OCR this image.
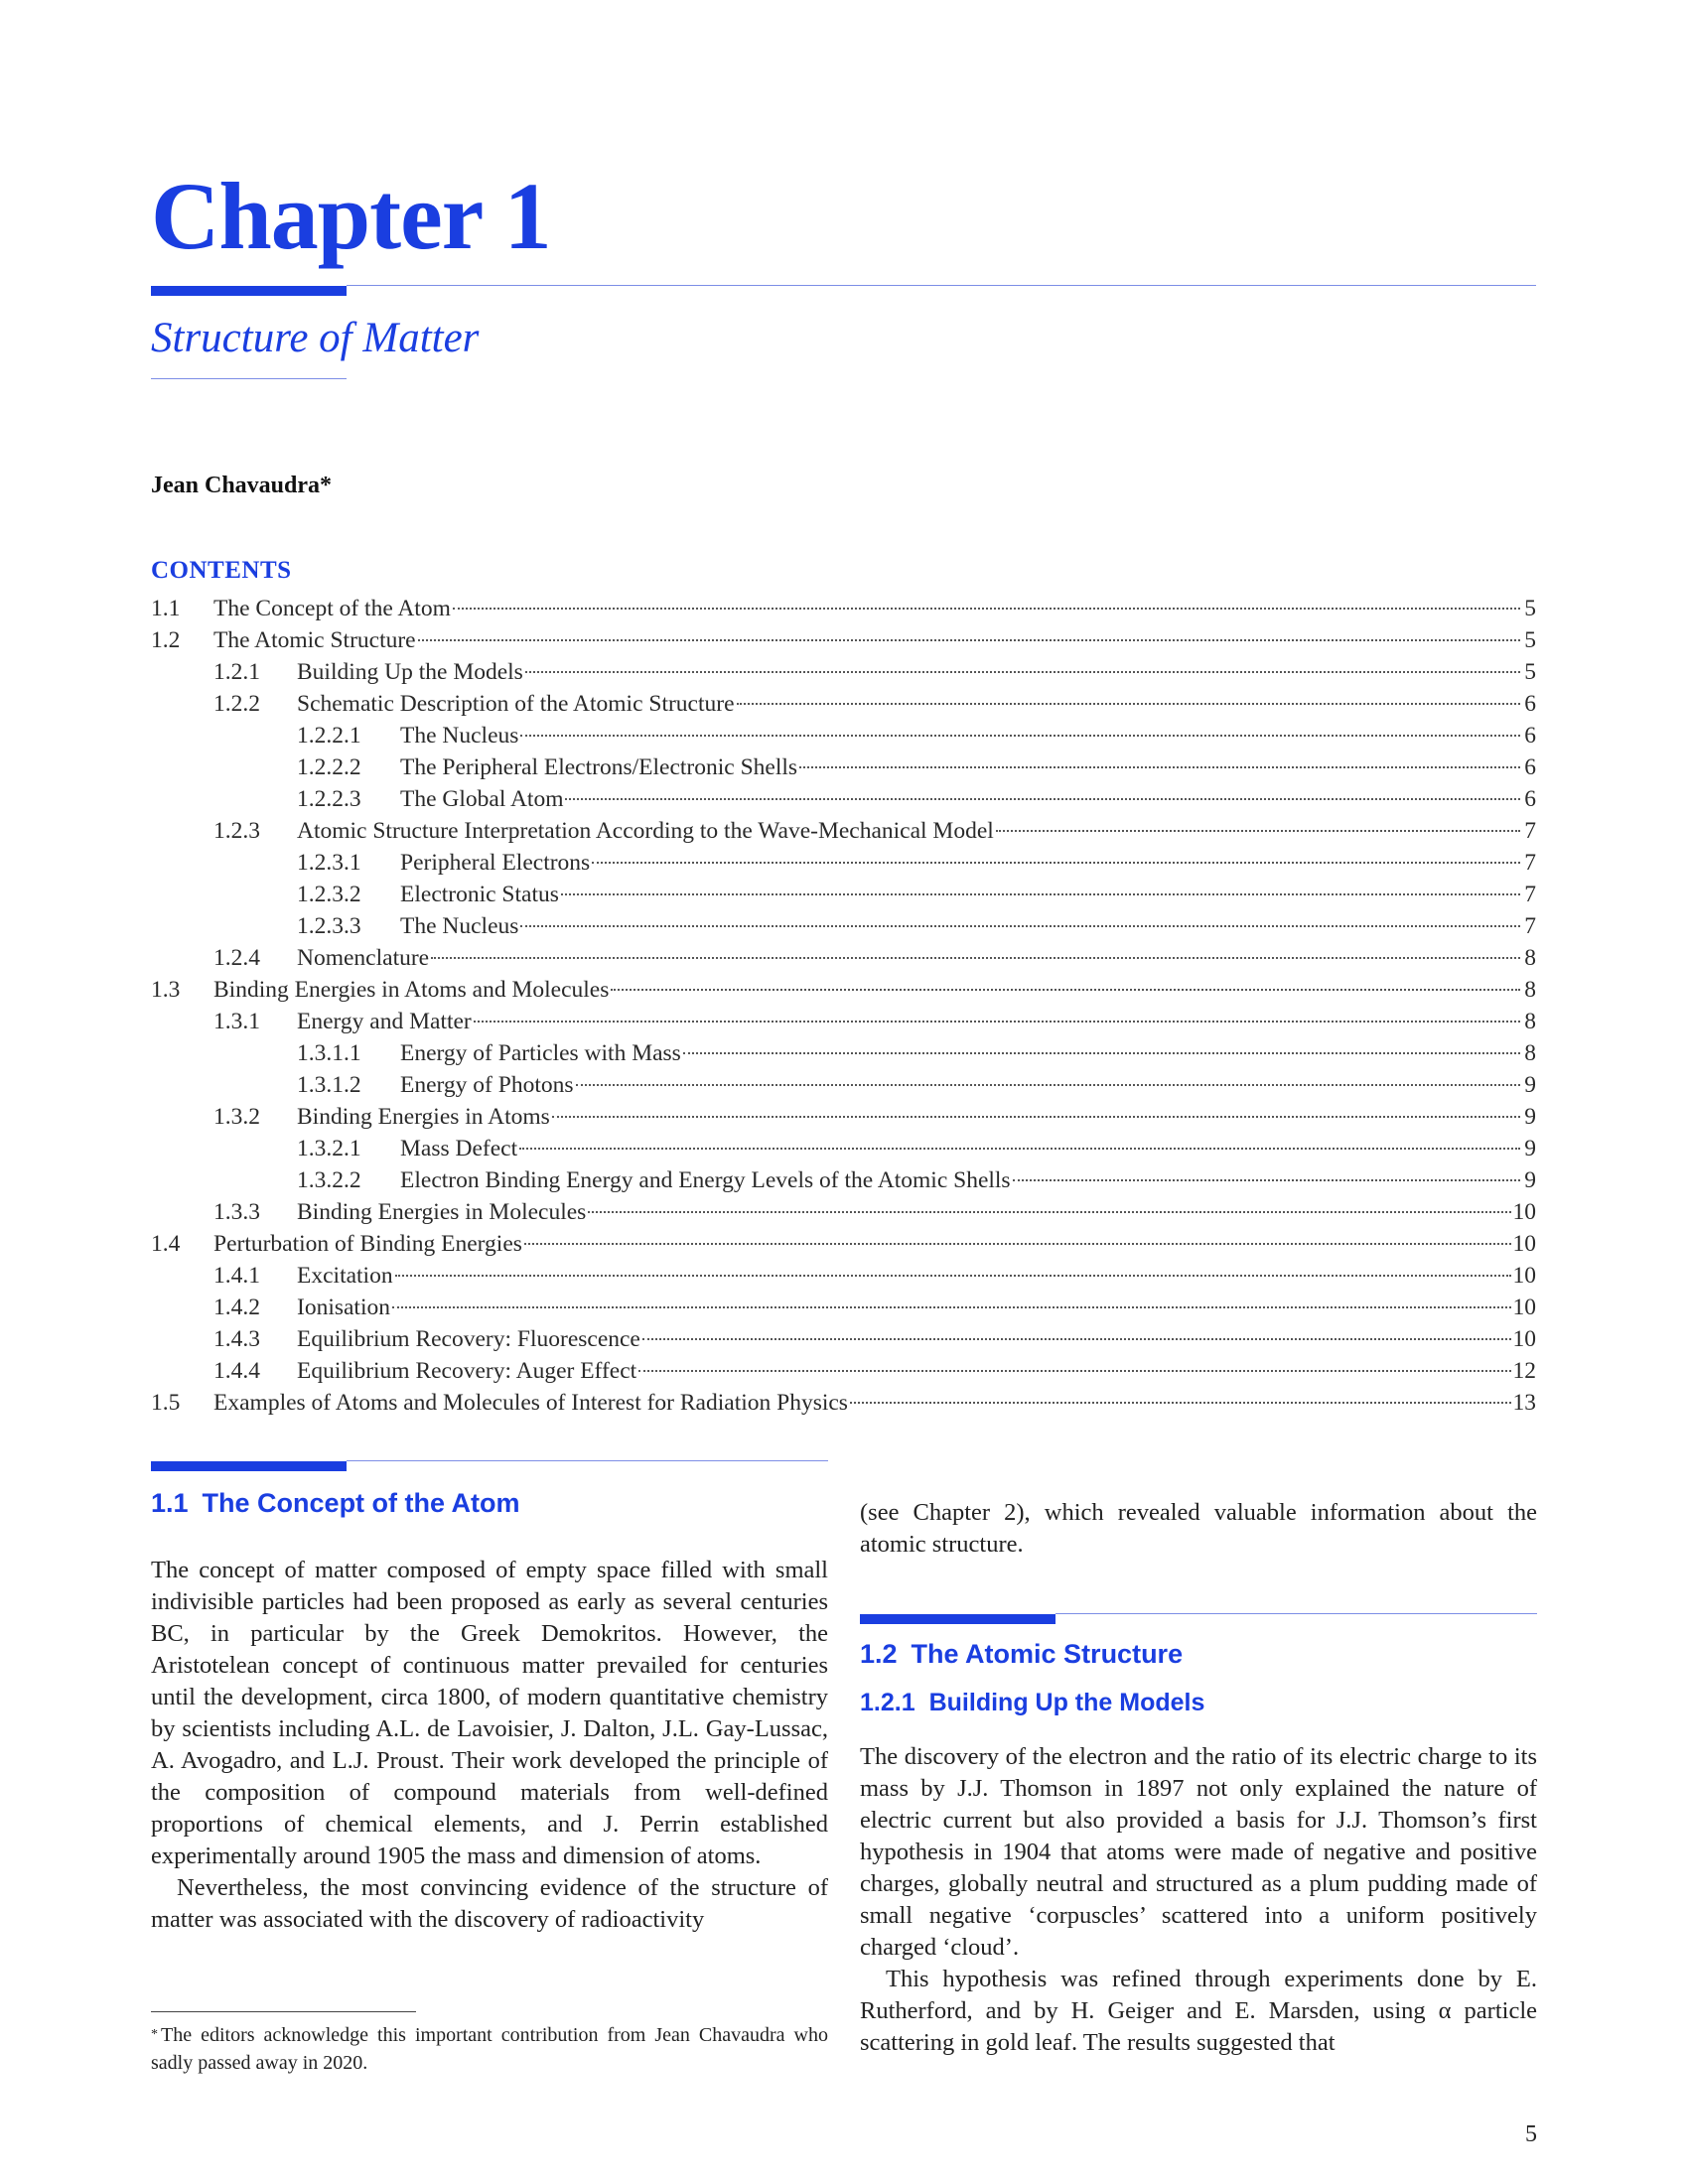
Chapter 1
Structure of Matter
Jean Chavaudra*
CONTENTS
1.1	The Concept of the Atom	5
1.2	The Atomic Structure	5
1.2.1	Building Up the Models	5
1.2.2	Schematic Description of the Atomic Structure	6
1.2.2.1	The Nucleus	6
1.2.2.2	The Peripheral Electrons/Electronic Shells	6
1.2.2.3	The Global Atom	6
1.2.3	Atomic Structure Interpretation According to the Wave-Mechanical Model	7
1.2.3.1	Peripheral Electrons	7
1.2.3.2	Electronic Status	7
1.2.3.3	The Nucleus	7
1.2.4	Nomenclature	8
1.3	Binding Energies in Atoms and Molecules	8
1.3.1	Energy and Matter	8
1.3.1.1	Energy of Particles with Mass	8
1.3.1.2	Energy of Photons	9
1.3.2	Binding Energies in Atoms	9
1.3.2.1	Mass Defect	9
1.3.2.2	Electron Binding Energy and Energy Levels of the Atomic Shells	9
1.3.3	Binding Energies in Molecules	10
1.4	Perturbation of Binding Energies	10
1.4.1	Excitation	10
1.4.2	Ionisation	10
1.4.3	Equilibrium Recovery: Fluorescence	10
1.4.4	Equilibrium Recovery: Auger Effect	12
1.5	Examples of Atoms and Molecules of Interest for Radiation Physics	13
1.1 The Concept of the Atom

The concept of matter composed of empty space filled with small indivisible particles had been proposed as early as several centuries BC, in particular by the Greek Demokritos. However, the Aristotelean concept of continuous matter prevailed for centuries until the development, circa 1800, of modern quantitative chemistry by scientists including A.L. de Lavoisier, J. Dalton, J.L. Gay-Lussac, A. Avogadro, and L.J. Proust. Their work developed the principle of the composition of compound materials from well-defined proportions of chemical elements, and J. Perrin established experimentally around 1905 the mass and dimension of atoms.

Nevertheless, the most convincing evidence of the structure of matter was associated with the discovery of radioactivity

* The editors acknowledge this important contribution from Jean Chavaudra who sadly passed away in 2020.

(see Chapter 2), which revealed valuable information about the atomic structure.

1.2 The Atomic Structure
1.2.1 Building Up the Models

The discovery of the electron and the ratio of its electric charge to its mass by J.J. Thomson in 1897 not only explained the nature of electric current but also provided a basis for J.J. Thomson’s first hypothesis in 1904 that atoms were made of negative and positive charges, globally neutral and structured as a plum pudding made of small negative ‘corpuscles’ scattered into a uniform positively charged ‘cloud’.

This hypothesis was refined through experiments done by E. Rutherford, and by H. Geiger and E. Marsden, using α particle scattering in gold leaf. The results suggested that

5
